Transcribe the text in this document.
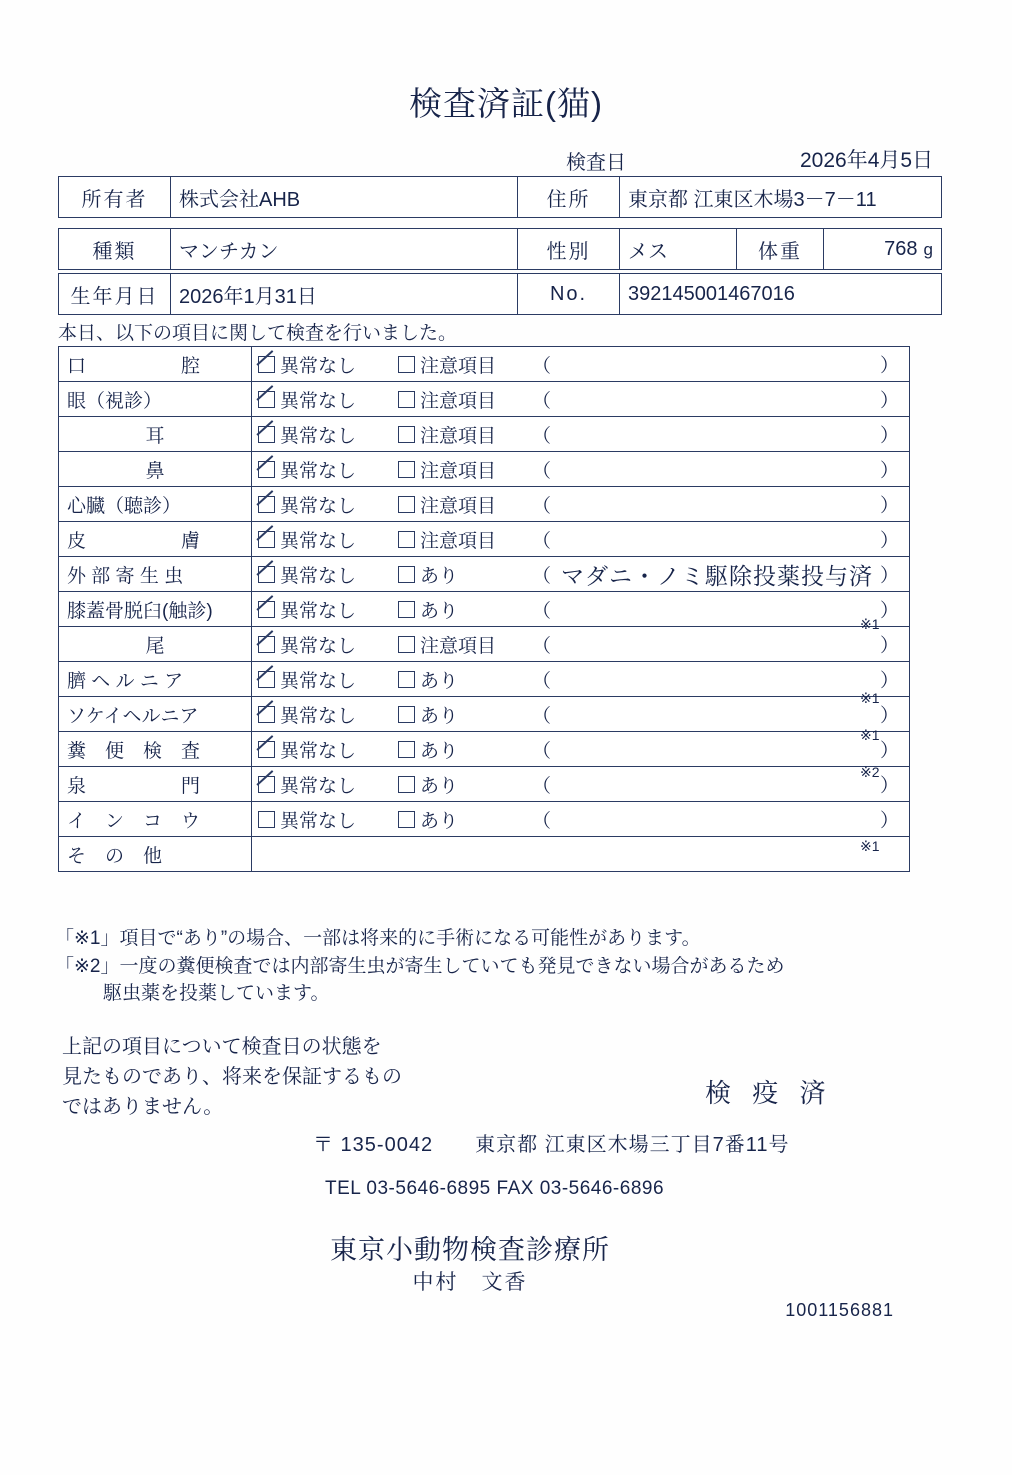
検査済証(猫)
検査日	2026年4月5日
所有者	株式会社AHB	住所	東京都 江東区木場3－7－11
種類	マンチカン	性別	メス	体重	768 g
生年月日	2026年1月31日	No.	392145001467016
本日、以下の項目に関して検査を行いました。
口　　　　　腔	異常なし 注意項目 （ ）

眼（視診）	異常なし 注意項目 （ ）

耳	異常なし 注意項目 （ ）

鼻	異常なし 注意項目 （ ）

心臓（聴診）	異常なし 注意項目 （ ）

皮　　　　　膚	異常なし 注意項目 （ ）

外 部 寄 生 虫	異常なし あり （ マダニ・ノミ駆除投薬投与済 ）

膝蓋骨脱臼(触診)	異常なし あり （ ）

尾	異常なし 注意項目 （ ）

臍 ヘ ル ニ ア	異常なし あり （ ）

ソケイヘルニア	異常なし あり （ ）

糞　便　検　査	異常なし あり （ ）

泉　　　　　門	異常なし あり （ ）

イ　ン　コ　ウ	異常なし あり （ ）

そ　の　他	
「※1」項目で“あり”の場合、一部は将来的に手術になる可能性があります。
「※2」一度の糞便検査では内部寄生虫が寄生していても発見できない場合があるため
駆虫薬を投薬しています。
上記の項目について検査日の状態を
見たものであり、将来を保証するもの
ではありません。	検 疫 済
〒 135-0042　　東京都 江東区木場三丁目7番11号
TEL 03-5646-6895 FAX 03-5646-6896
東京小動物検査診療所
中村　文香
1001156881
※1
※1
※1
※2
※1
